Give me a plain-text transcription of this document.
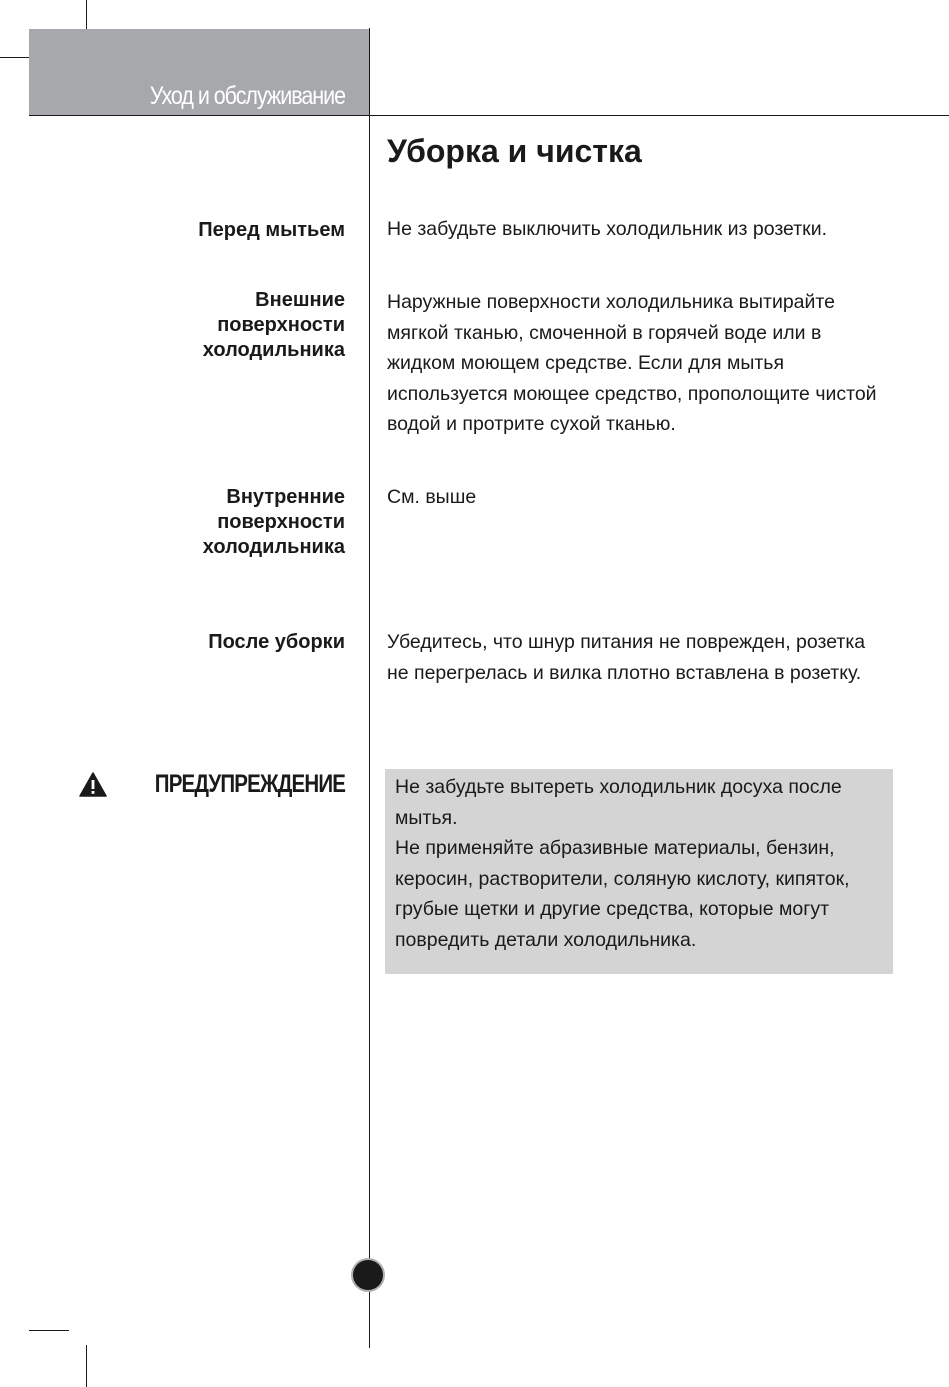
Уход и обслуживание
Уборка и чистка
Перед мытьем Не забудьте выключить холодильник из розетки.
Внешние поверхности холодильника
Наружные поверхности холодильника вытирайте мягкой тканью, смоченной в горячей воде или в жидком моющем средстве. Если для мытья используется моющее средство, прополощите чистой водой и протрите сухой тканью.
Внутренние поверхности холодильника
См. выше
После уборки Убедитесь, что шнур питания не поврежден, розетка не перегрелась и вилка плотно вставлена в розетку.
ПРЕДУПРЕЖДЕНИЕ	Не забудьте вытереть холодильник досуха после мытья.
Не применяйте абразивные материалы, бензин, керосин, растворители, соляную кислоту, кипяток, грубые щетки и другие средства, которые могут повредить детали холодильника.
